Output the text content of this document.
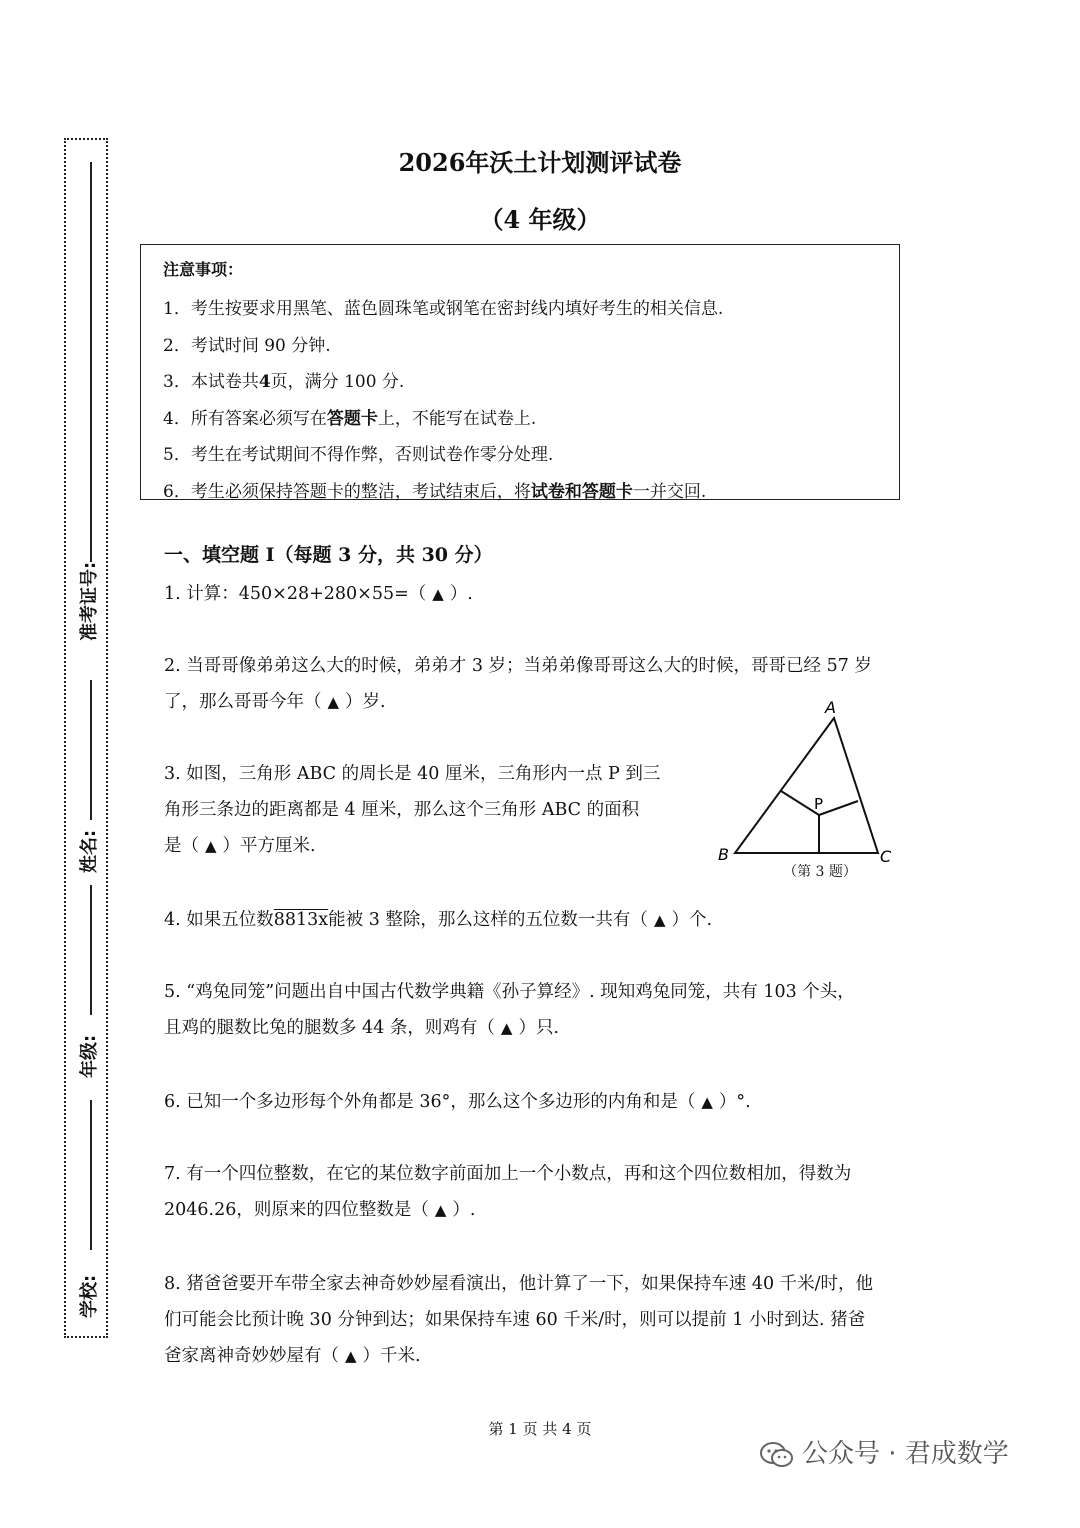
准考证号:
姓名:
年级:
学校:
2026年沃土计划测评试卷
（4 年级）
注意事项：
1．考生按要求用黑笔、蓝色圆珠笔或钢笔在密封线内填好考生的相关信息.
2．考试时间 90 分钟.
3．本试卷共4页，满分 100 分.
4．所有答案必须写在答题卡上，不能写在试卷上.
5．考生在考试期间不得作弊，否则试卷作零分处理.
6．考生必须保持答题卡的整洁，考试结束后，将试卷和答题卡一并交回.
一、填空题 I（每题 3 分，共 30 分）
1. 计算：450×28+280×55=（ ▲ ）.
2. 当哥哥像弟弟这么大的时候，弟弟才 3 岁；当弟弟像哥哥这么大的时候，哥哥已经 57 岁
了，那么哥哥今年（ ▲ ）岁.
3. 如图，三角形 ABC 的周长是 40 厘米，三角形内一点 P 到三
角形三条边的距离都是 4 厘米，那么这个三角形 ABC 的面积
是（ ▲ ）平方厘米.
4. 如果五位数8813x能被 3 整除，那么这样的五位数一共有（ ▲ ）个.
5. “鸡兔同笼”问题出自中国古代数学典籍《孙子算经》. 现知鸡兔同笼，共有 103 个头，
且鸡的腿数比兔的腿数多 44 条，则鸡有（ ▲ ）只.
6. 已知一个多边形每个外角都是 36°，那么这个多边形的内角和是（ ▲ ）°.
7. 有一个四位整数，在它的某位数字前面加上一个小数点，再和这个四位数相加，得数为
2046.26，则原来的四位整数是（ ▲ ）.
8. 猪爸爸要开车带全家去神奇妙妙屋看演出，他计算了一下，如果保持车速 40 千米/时，他
们可能会比预计晚 30 分钟到达；如果保持车速 60 千米/时，则可以提前 1 小时到达. 猪爸
爸家离神奇妙妙屋有（ ▲ ）千米.
A
B	C
P
（第 3 题）
第 1 页 共 4 页
公众号 · 君成数学
